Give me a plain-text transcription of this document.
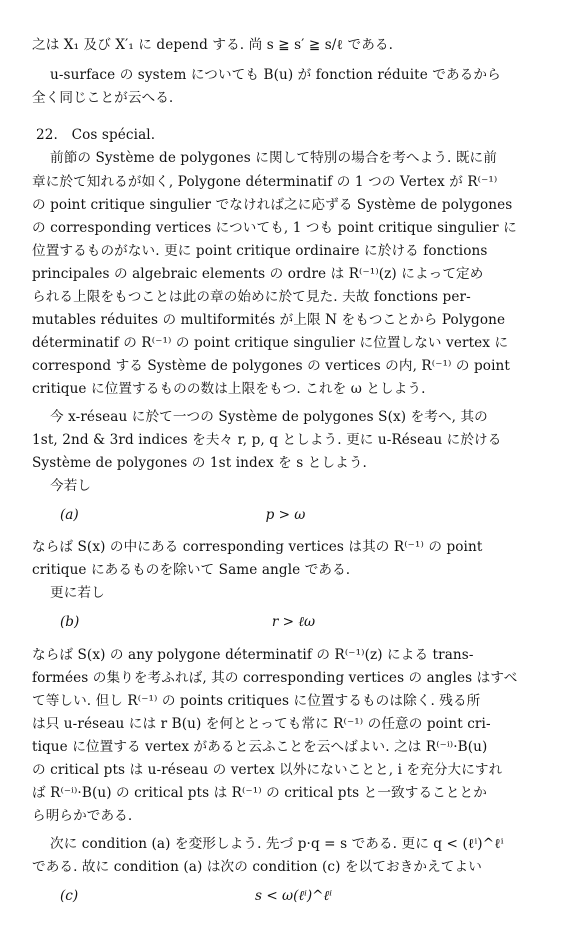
之は X₁ 及び X′₁ に depend する. 尚 s ≧ s′ ≧ s/ℓ である.
u-surface の system についても B(u) が fonction réduite であるから
全く同じことが云へる.
22.　Cos spécial.
前節の Système de polygones に関して特別の場合を考へよう. 既に前
章に於て知れるが如く, Polygone déterminatif の 1 つの Vertex が R⁽⁻¹⁾
の point critique singulier でなければ之に応ずる Système de polygones
の corresponding vertices についても, 1 つも point critique singulier に
位置するものがない. 更に point critique ordinaire に於ける fonctions
principales の algebraic elements の ordre は R⁽⁻¹⁾(z) によって定め
られる上限をもつことは此の章の始めに於て見た. 夫故 fonctions per-
mutables réduites の multiformités が上限 N をもつことから Polygone
déterminatif の R⁽⁻¹⁾ の point critique singulier に位置しない vertex に
correspond する Système de polygones の vertices の内, R⁽⁻¹⁾ の point
critique に位置するものの数は上限をもつ. これを ω としよう.
今 x-réseau に於て一つの Système de polygones S(x) を考へ, 其の
1st, 2nd & 3rd indices を夫々 r, p, q としよう. 更に u-Réseau に於ける
Système de polygones の 1st index を s としよう.
今若し
(a)	p > ω
ならば S(x) の中にある corresponding vertices は其の R⁽⁻¹⁾ の point
critique にあるものを除いて Same angle である.
更に若し
(b)	r > ℓω
ならば S(x) の any polygone déterminatif の R⁽⁻¹⁾(z) による trans-
formées の集りを考ふれば, 其の corresponding vertices の angles はすべ
て等しい. 但し R⁽⁻¹⁾ の points critiques に位置するものは除く. 残る所
は只 u-réseau には r B(u) を何ととっても常に R⁽⁻¹⁾ の任意の point cri-
tique に位置する vertex があると云ふことを云へばよい. 之は R⁽⁻ⁱ⁾·B(u)
の critical pts は u-réseau の vertex 以外にないことと, i を充分大にすれ
ば R⁽⁻ⁱ⁾·B(u) の critical pts は R⁽⁻¹⁾ の critical pts と一致することとか
ら明らかである.
次に condition (a) を変形しよう. 先づ p·q = s である. 更に q < (ℓⁱ)^ℓⁱ
である. 故に condition (a) は次の condition (c) を以ておきかえてよい
(c)	s < ω(ℓⁱ)^ℓⁱ
